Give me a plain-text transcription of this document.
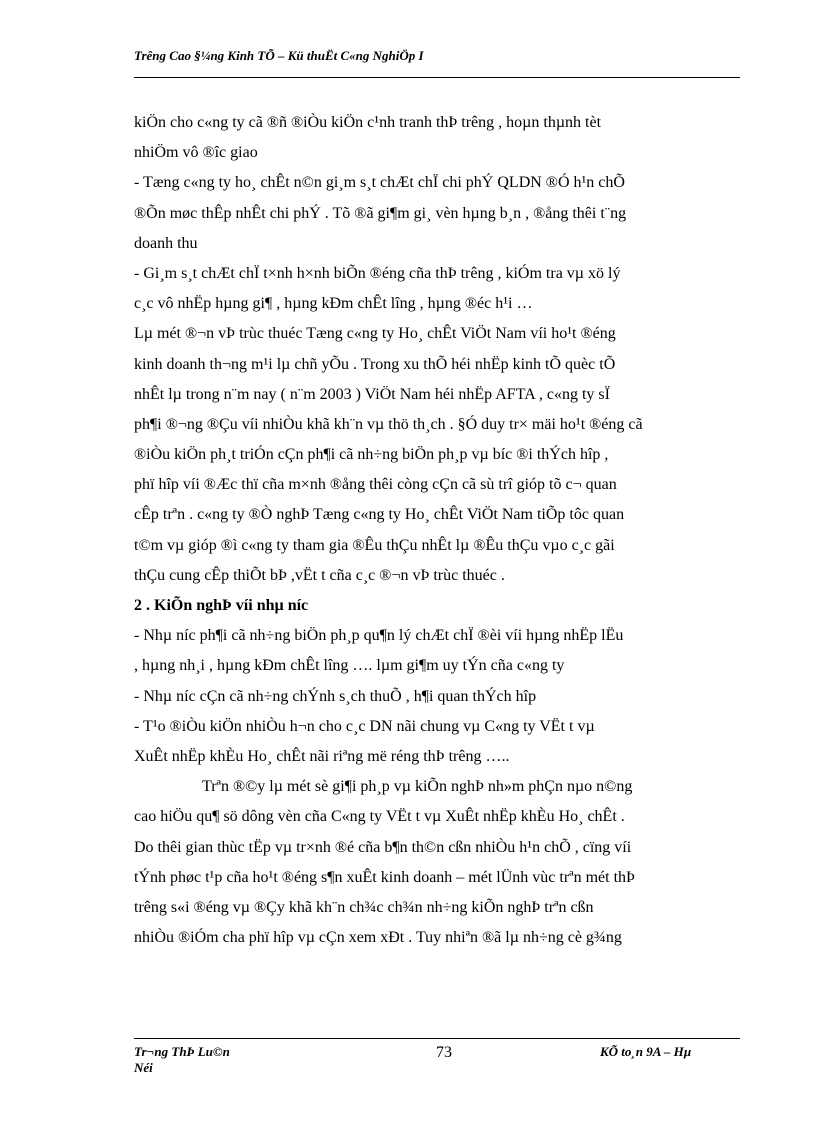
Trêng Cao §¼ng Kinh TÕ – Kü thuËt C«ng NghiÖp I
kiÖn cho c«ng ty cã ®ñ ®iÒu kiÖn c¹nh tranh thÞ trêng , hoµn thµnh tèt
nhiÖm vô ®îc giao
- Tæng c«ng ty ho¸ chÊt n©n gi¸m s¸t chÆt chÏ chi phÝ QLDN ®Ó h¹n chÕ
®Õn møc thÊp nhÊt chi phÝ . Tõ ®ã gi¶m gi¸ vèn hµng b¸n , ®ång thêi t¨ng
doanh thu
- Gi¸m s¸t chÆt chÏ t×nh h×nh biÕn ®éng cña thÞ trêng , kiÓm tra vµ xö lý
c¸c vô nhËp hµng gi¶ , hµng kÐm chÊt lîng , hµng ®éc h¹i …
Lµ mét ®¬n vÞ trùc thuéc Tæng c«ng ty Ho¸ chÊt ViÖt Nam víi ho¹t ®éng
kinh doanh th¬ng m¹i lµ chñ yÕu . Trong xu thÕ héi nhËp kinh tÕ quèc tÕ
nhÊt lµ trong n¨m nay ( n¨m 2003 ) ViÖt Nam héi nhËp AFTA , c«ng ty sÏ
ph¶i ®¬ng ®Çu víi nhiÒu khã kh¨n vµ thö th¸ch . §Ó duy tr× mäi ho¹t ®éng cã
®iÒu kiÖn ph¸t triÓn cÇn ph¶i cã nh÷ng biÖn ph¸p vµ bíc ®i thÝch hîp ,
phï hîp víi ®Æc thï cña m×nh ®ång thêi còng cÇn cã sù trî gióp tõ c¬ quan
cÊp trªn . c«ng ty ®Ò nghÞ Tæng c«ng ty Ho¸ chÊt ViÖt Nam tiÕp tôc quan
t©m vµ gióp ®ì c«ng ty tham gia ®Êu thÇu nhÊt lµ ®Êu thÇu vµo c¸c gãi
thÇu cung cÊp thiÕt bÞ ,vËt t cña c¸c ®¬n vÞ trùc thuéc .
2 . KiÕn nghÞ víi nhµ níc
- Nhµ níc ph¶i cã nh÷ng biÖn ph¸p qu¶n lý chÆt chÏ ®èi víi hµng nhËp lËu
, hµng nh¸i , hµng kÐm chÊt lîng …. lµm gi¶m uy tÝn cña c«ng ty
- Nhµ níc cÇn cã nh÷ng chÝnh s¸ch thuÕ , h¶i quan thÝch hîp
- T¹o ®iÒu kiÖn nhiÒu h¬n cho c¸c DN nãi chung vµ C«ng ty VËt t vµ
XuÊt nhËp khÈu Ho¸ chÊt nãi riªng më réng thÞ trêng …..
Trªn ®©y lµ mét sè gi¶i ph¸p vµ kiÕn nghÞ nh»m phÇn nµo n©ng
cao hiÖu qu¶ sö dông vèn cña C«ng ty VËt t vµ XuÊt nhËp khÈu Ho¸ chÊt .
Do thêi gian thùc tËp vµ tr×nh ®é cña b¶n th©n cßn nhiÒu h¹n chÕ , cïng víi
tÝnh phøc t¹p cña ho¹t ®éng s¶n xuÊt kinh doanh – mét lÜnh vùc trªn mét thÞ
trêng s«i ®éng vµ ®Çy khã kh¨n ch¾c ch¾n nh÷ng kiÕn nghÞ trªn cßn
nhiÒu ®iÓm cha phï hîp vµ cÇn xem xÐt . Tuy nhiªn ®ã lµ nh÷ng cè g¾ng
Tr¬ng ThÞ Lu©n
Néi
73	KÕ to¸n 9A – Hµ
